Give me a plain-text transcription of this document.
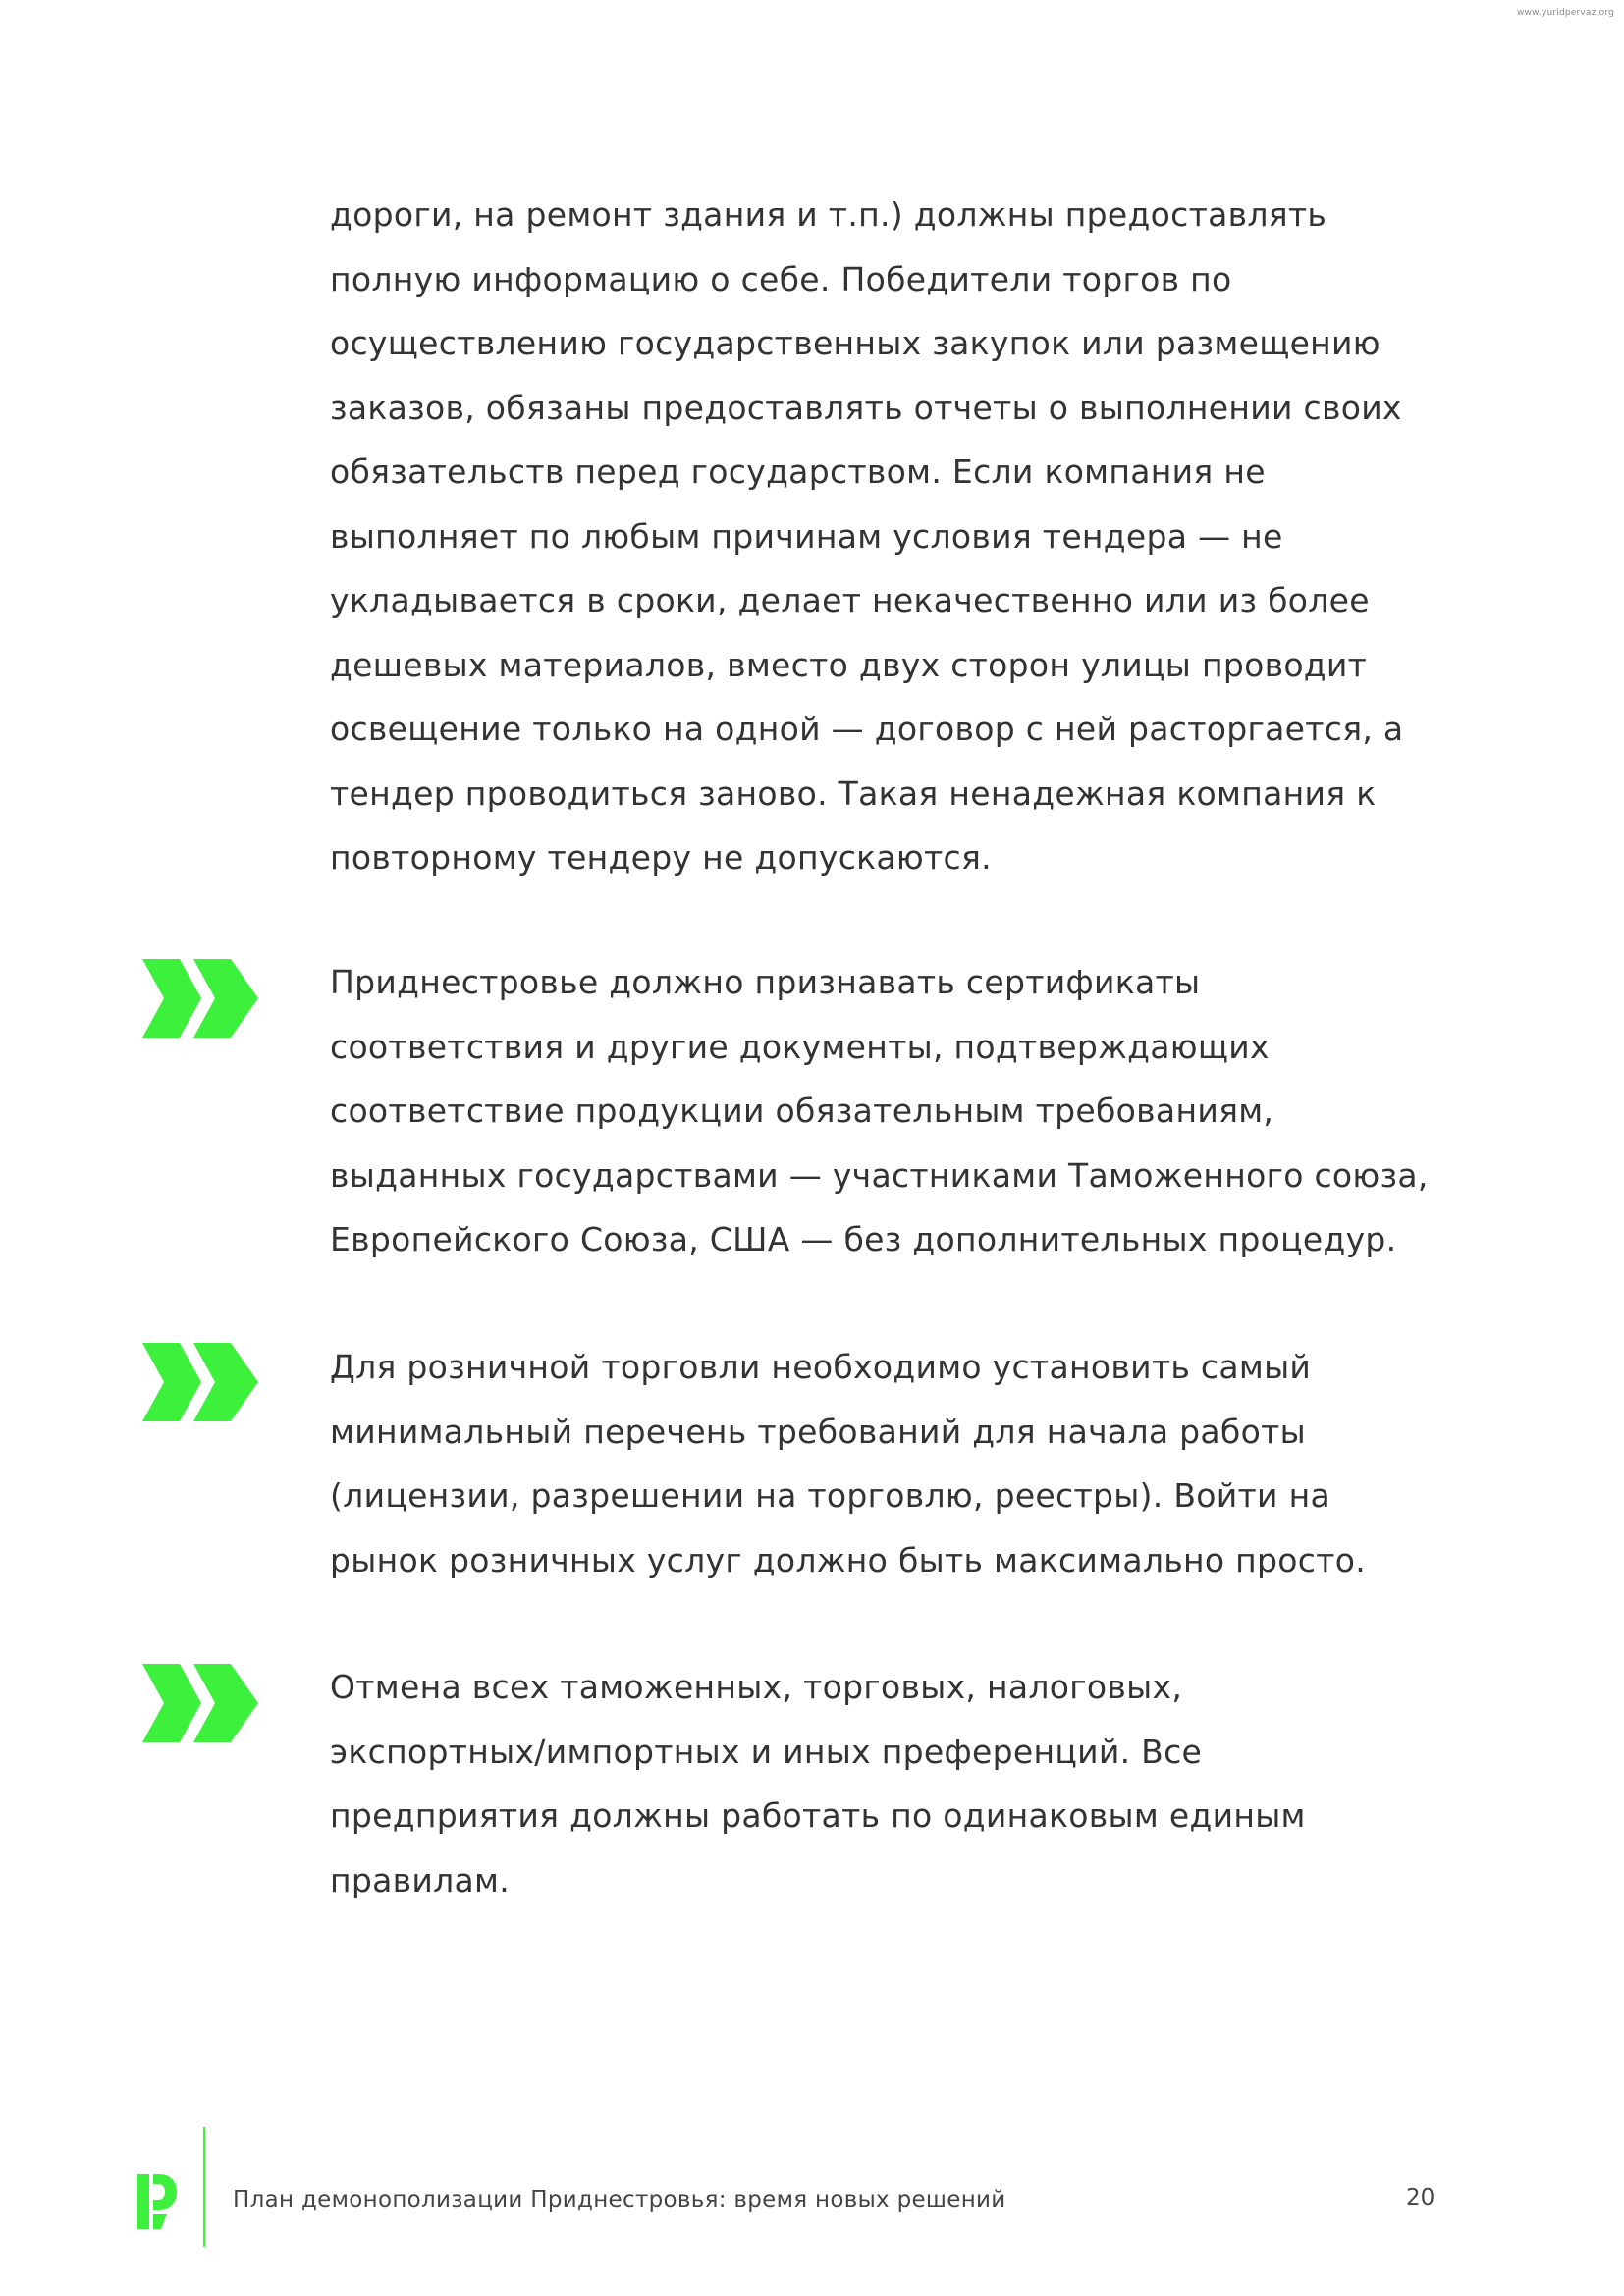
www.yuridpervaz.org
дороги, на ремонт здания и т.п.) должны предоставлять
полную информацию о себе. Победители торгов по
осуществлению государственных закупок или размещению
заказов, обязаны предоставлять отчеты о выполнении своих
обязательств перед государством. Если компания не
выполняет по любым причинам условия тендера — не
укладывается в сроки, делает некачественно или из более
дешевых материалов, вместо двух сторон улицы проводит
освещение только на одной — договор с ней расторгается, а
тендер проводиться заново. Такая ненадежная компания к
повторному тендеру не допускаются.
Приднестровье должно признавать сертификаты
соответствия и другие документы, подтверждающих
соответствие продукции обязательным требованиям,
выданных государствами — участниками Таможенного союза,
Европейского Союза, США — без дополнительных процедур.
Для розничной торговли необходимо установить самый
минимальный перечень требований для начала работы
(лицензии, разрешении на торговлю, реестры). Войти на
рынок розничных услуг должно быть максимально просто.
Отмена всех таможенных, торговых, налоговых,
экспортных/импортных и иных преференций. Все
предприятия должны работать по одинаковым единым
правилам.
План демонополизации Приднестровья: время новых решений	20
